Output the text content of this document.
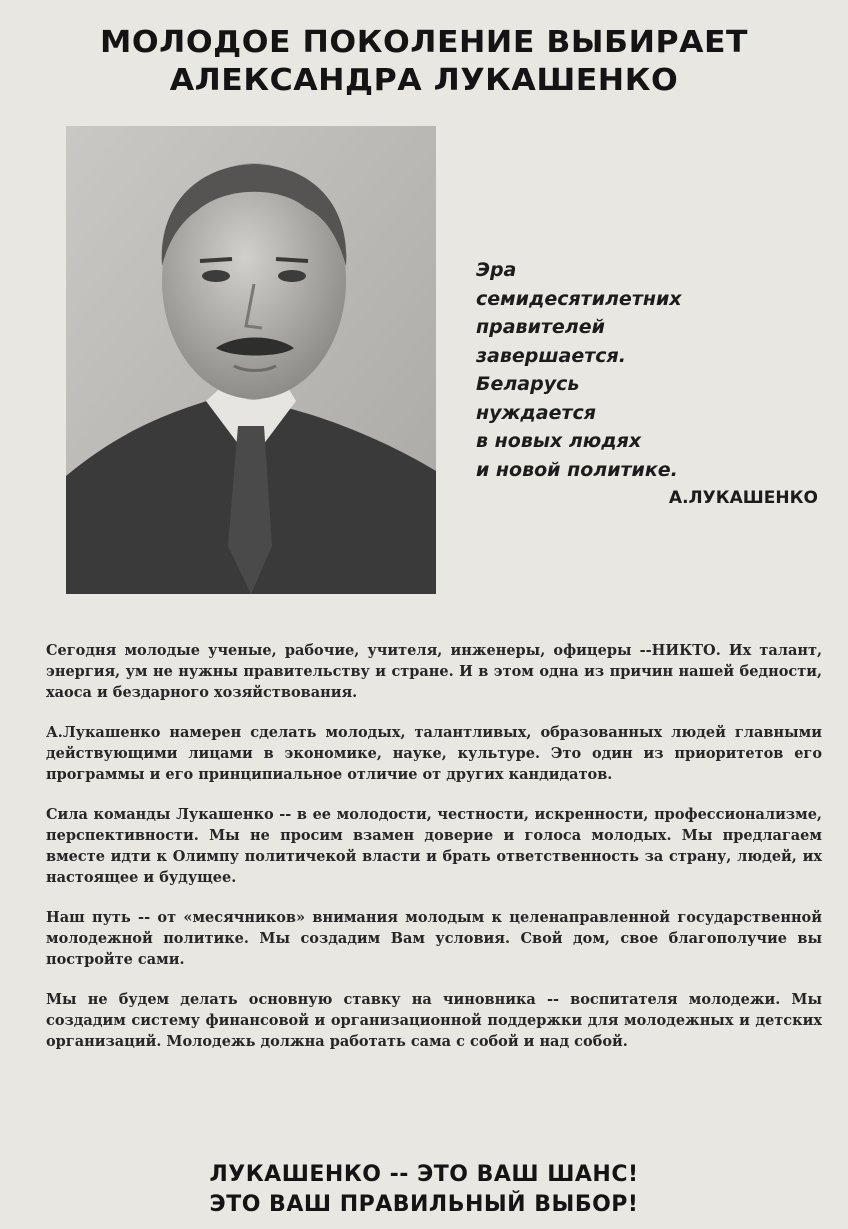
МОЛОДОЕ ПОКОЛЕНИЕ ВЫБИРАЕТ
АЛЕКСАНДРА ЛУКАШЕНКО
Эра
семидесятилетних
правителей
завершается.
Беларусь
нуждается
в новых людях
и новой политике.
А.ЛУКАШЕНКО

Сегодня молодые ученые, рабочие, учителя, инженеры, офицеры --НИКТО. Их талант, энергия, ум не нужны правительству и стране. И в этом одна из причин нашей бедности, хаоса и бездарного хозяйствования.

А.Лукашенко намерен сделать молодых, талантливых, образованных людей главными действующими лицами в экономике, науке, культуре. Это один из приоритетов его программы и его принципиальное отличие от других кандидатов.

Сила команды Лукашенко -- в ее молодости, честности, искренности, профессионализме, перспективности. Мы не просим взамен доверие и голоса молодых. Мы предлагаем вместе идти к Олимпу политичекой власти и брать ответственность за страну, людей, их настоящее и будущее.

Наш путь -- от «месячников» внимания молодым к целенаправленной государственной молодежной политике. Мы создадим Вам условия. Свой дом, свое благополучие вы постройте сами.

Мы не будем делать основную ставку на чиновника -- воспитателя молодежи. Мы создадим систему финансовой и организационной поддержки для молодежных и детских организаций. Молодежь должна работать сама с собой и над собой.

ЛУКАШЕНКО -- ЭТО ВАШ ШАНС!
ЭТО ВАШ ПРАВИЛЬНЫЙ ВЫБОР!
